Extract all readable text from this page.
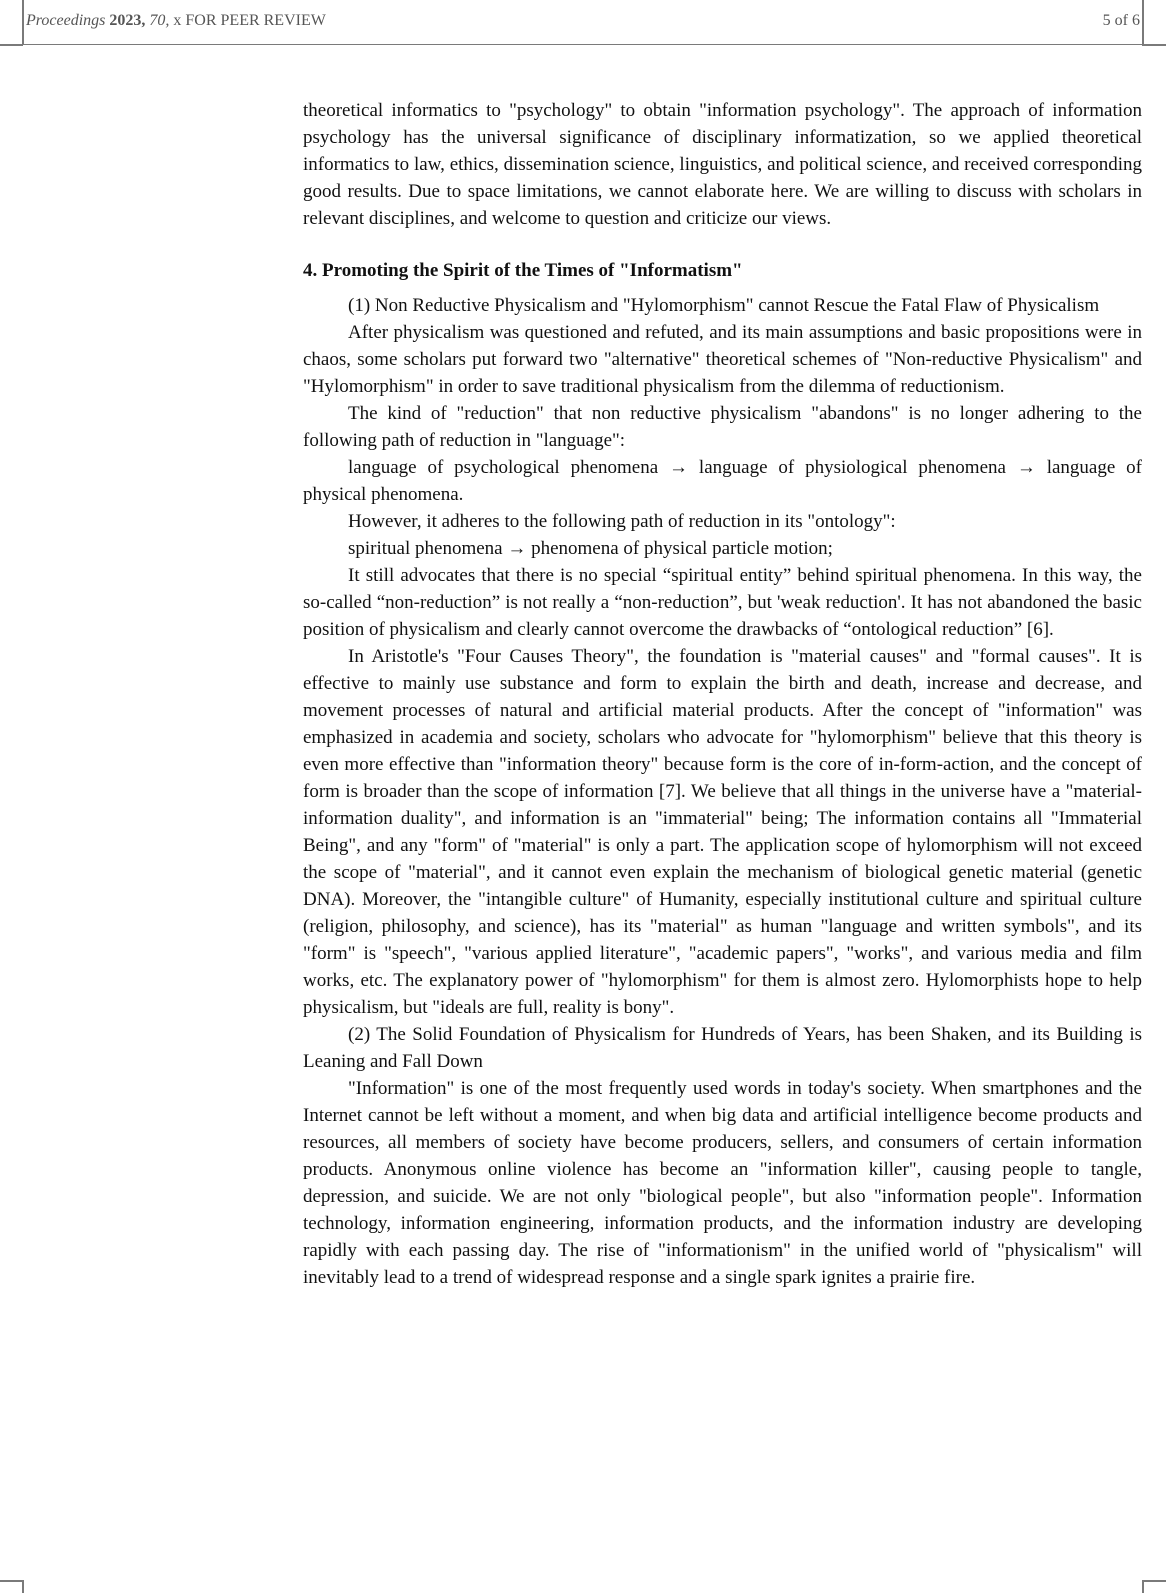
Proceedings 2023, 70, x FOR PEER REVIEW	5 of 6

theoretical informatics to "psychology" to obtain "information psychology". The approach of information psychology has the universal significance of disciplinary informatization, so we applied theoretical informatics to law, ethics, dissemination science, linguistics, and political science, and received corresponding good results. Due to space limitations, we cannot elaborate here. We are willing to discuss with scholars in relevant disciplines, and welcome to question and criticize our views.

4. Promoting the Spirit of the Times of "Informatism"

(1) Non Reductive Physicalism and "Hylomorphism" cannot Rescue the Fatal Flaw of Physicalism

After physicalism was questioned and refuted, and its main assumptions and basic propositions were in chaos, some scholars put forward two "alternative" theoretical schemes of "Non-reductive Physicalism" and "Hylomorphism" in order to save traditional physicalism from the dilemma of reductionism.

The kind of "reduction" that non reductive physicalism "abandons" is no longer adhering to the following path of reduction in "language":

language of psychological phenomena → language of physiological phenomena → language of physical phenomena.

However, it adheres to the following path of reduction in its "ontology":

spiritual phenomena → phenomena of physical particle motion;

It still advocates that there is no special “spiritual entity” behind spiritual phenomena. In this way, the so-called “non-reduction” is not really a “non-reduction”, but 'weak reduction'. It has not abandoned the basic position of physicalism and clearly cannot overcome the drawbacks of “ontological reduction” [6].

In Aristotle's "Four Causes Theory", the foundation is "material causes" and "formal causes". It is effective to mainly use substance and form to explain the birth and death, increase and decrease, and movement processes of natural and artificial material products. After the concept of "information" was emphasized in academia and society, scholars who advocate for "hylomorphism" believe that this theory is even more effective than "information theory" because form is the core of in-form-action, and the concept of form is broader than the scope of information [7]. We believe that all things in the universe have a "material-information duality", and information is an "immaterial" being; The information contains all "Immaterial Being", and any "form" of "material" is only a part. The application scope of hylomorphism will not exceed the scope of "material", and it cannot even explain the mechanism of biological genetic material (genetic DNA). Moreover, the "intangible culture" of Humanity, especially institutional culture and spiritual culture (religion, philosophy, and science), has its "material" as human "language and written symbols", and its "form" is "speech", "various applied literature", "academic papers", "works", and various media and film works, etc. The explanatory power of "hylomorphism" for them is almost zero. Hylomorphists hope to help physicalism, but "ideals are full, reality is bony".

(2) The Solid Foundation of Physicalism for Hundreds of Years, has been Shaken, and its Building is Leaning and Fall Down

"Information" is one of the most frequently used words in today's society. When smartphones and the Internet cannot be left without a moment, and when big data and artificial intelligence become products and resources, all members of society have become producers, sellers, and consumers of certain information products. Anonymous online violence has become an "information killer", causing people to tangle, depression, and suicide. We are not only "biological people", but also "information people". Information technology, information engineering, information products, and the information industry are developing rapidly with each passing day. The rise of "informationism" in the unified world of "physicalism" will inevitably lead to a trend of widespread response and a single spark ignites a prairie fire.
